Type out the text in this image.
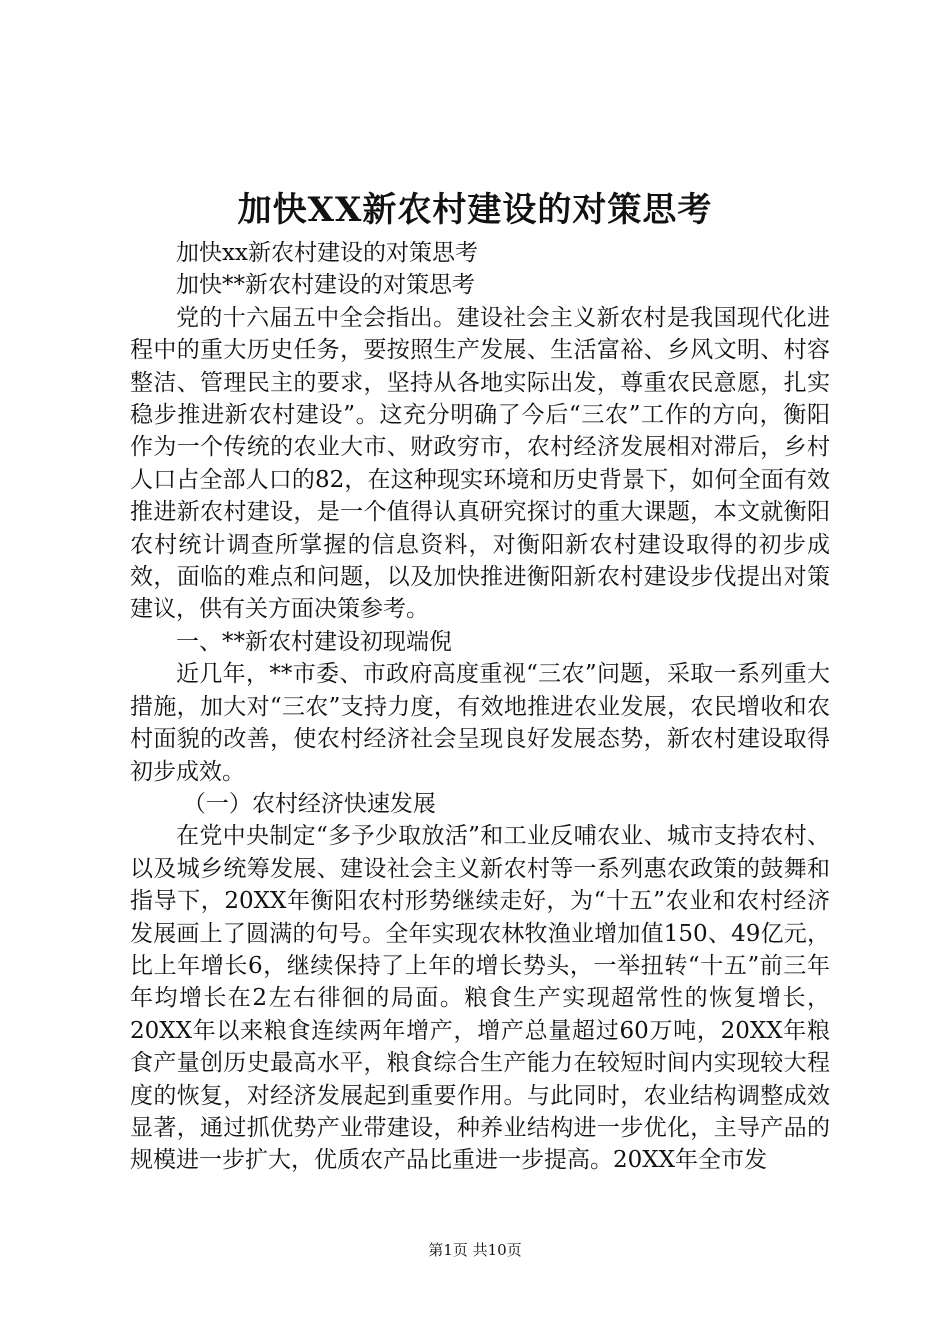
加快XX新农村建设的对策思考

加快xx新农村建设的对策思考

加快**新农村建设的对策思考

党的十六届五中全会指出。建设社会主义新农村是我国现代化进程中的重大历史任务，要按照生产发展、生活富裕、乡风文明、村容整洁、管理民主的要求，坚持从各地实际出发，尊重农民意愿，扎实稳步推进新农村建设”。这充分明确了今后“三农”工作的方向，衡阳作为一个传统的农业大市、财政穷市，农村经济发展相对滞后，乡村人口占全部人口的82，在这种现实环境和历史背景下，如何全面有效推进新农村建设，是一个值得认真研究探讨的重大课题，本文就衡阳农村统计调查所掌握的信息资料，对衡阳新农村建设取得的初步成效，面临的难点和问题，以及加快推进衡阳新农村建设步伐提出对策建议，供有关方面决策参考。

一、**新农村建设初现端倪

近几年，**市委、市政府高度重视“三农”问题，采取一系列重大措施，加大对“三农”支持力度，有效地推进农业发展，农民增收和农村面貌的改善，使农村经济社会呈现良好发展态势，新农村建设取得初步成效。

（一）农村经济快速发展

在党中央制定“多予少取放活”和工业反哺农业、城市支持农村、以及城乡统筹发展、建设社会主义新农村等一系列惠农政策的鼓舞和指导下，20XX年衡阳农村形势继续走好，为“十五”农业和农村经济发展画上了圆满的句号。全年实现农林牧渔业增加值150、49亿元，比上年增长6，继续保持了上年的增长势头，一举扭转“十五”前三年年均增长在2左右徘徊的局面。粮食生产实现超常性的恢复增长，20XX年以来粮食连续两年增产，增产总量超过60万吨，20XX年粮食产量创历史最高水平，粮食综合生产能力在较短时间内实现较大程度的恢复，对经济发展起到重要作用。与此同时，农业结构调整成效显著，通过抓优势产业带建设，种养业结构进一步优化，主导产品的规模进一步扩大，优质农产品比重进一步提高。20XX年全市发

第1页 共10页
